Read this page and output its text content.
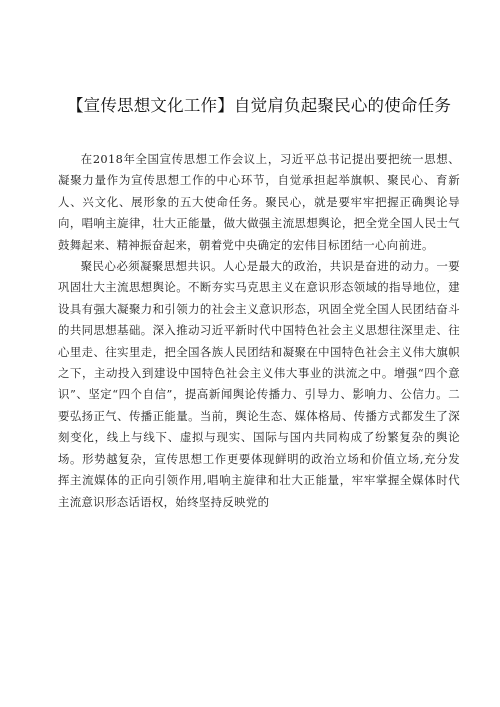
【宣传思想文化工作】自觉肩负起聚民心的使命任务

在2018年全国宣传思想工作会议上，习近平总书记提出要把统一思想、凝聚力量作为宣传思想工作的中心环节，自觉承担起举旗帜、聚民心、育新人、兴文化、展形象的五大使命任务。聚民心，就是要牢牢把握正确舆论导向，唱响主旋律，壮大正能量，做大做强主流思想舆论，把全党全国人民士气鼓舞起来、精神振奋起来，朝着党中央确定的宏伟目标团结一心向前进。

聚民心必须凝聚思想共识。人心是最大的政治，共识是奋进的动力。一要巩固壮大主流思想舆论。不断夯实马克思主义在意识形态领域的指导地位，建设具有强大凝聚力和引领力的社会主义意识形态，巩固全党全国人民团结奋斗的共同思想基础。深入推动习近平新时代中国特色社会主义思想往深里走、往心里走、往实里走，把全国各族人民团结和凝聚在中国特色社会主义伟大旗帜之下，主动投入到建设中国特色社会主义伟大事业的洪流之中。增强“四个意识”、坚定“四个自信”，提高新闻舆论传播力、引导力、影响力、公信力。二要弘扬正气、传播正能量。当前，舆论生态、媒体格局、传播方式都发生了深刻变化，线上与线下、虚拟与现实、国际与国内共同构成了纷繁复杂的舆论场。形势越复杂，宣传思想工作更要体现鲜明的政治立场和价值立场,充分发挥主流媒体的正向引领作用,唱响主旋律和壮大正能量，牢牢掌握全媒体时代主流意识形态话语权，始终坚持反映党的
